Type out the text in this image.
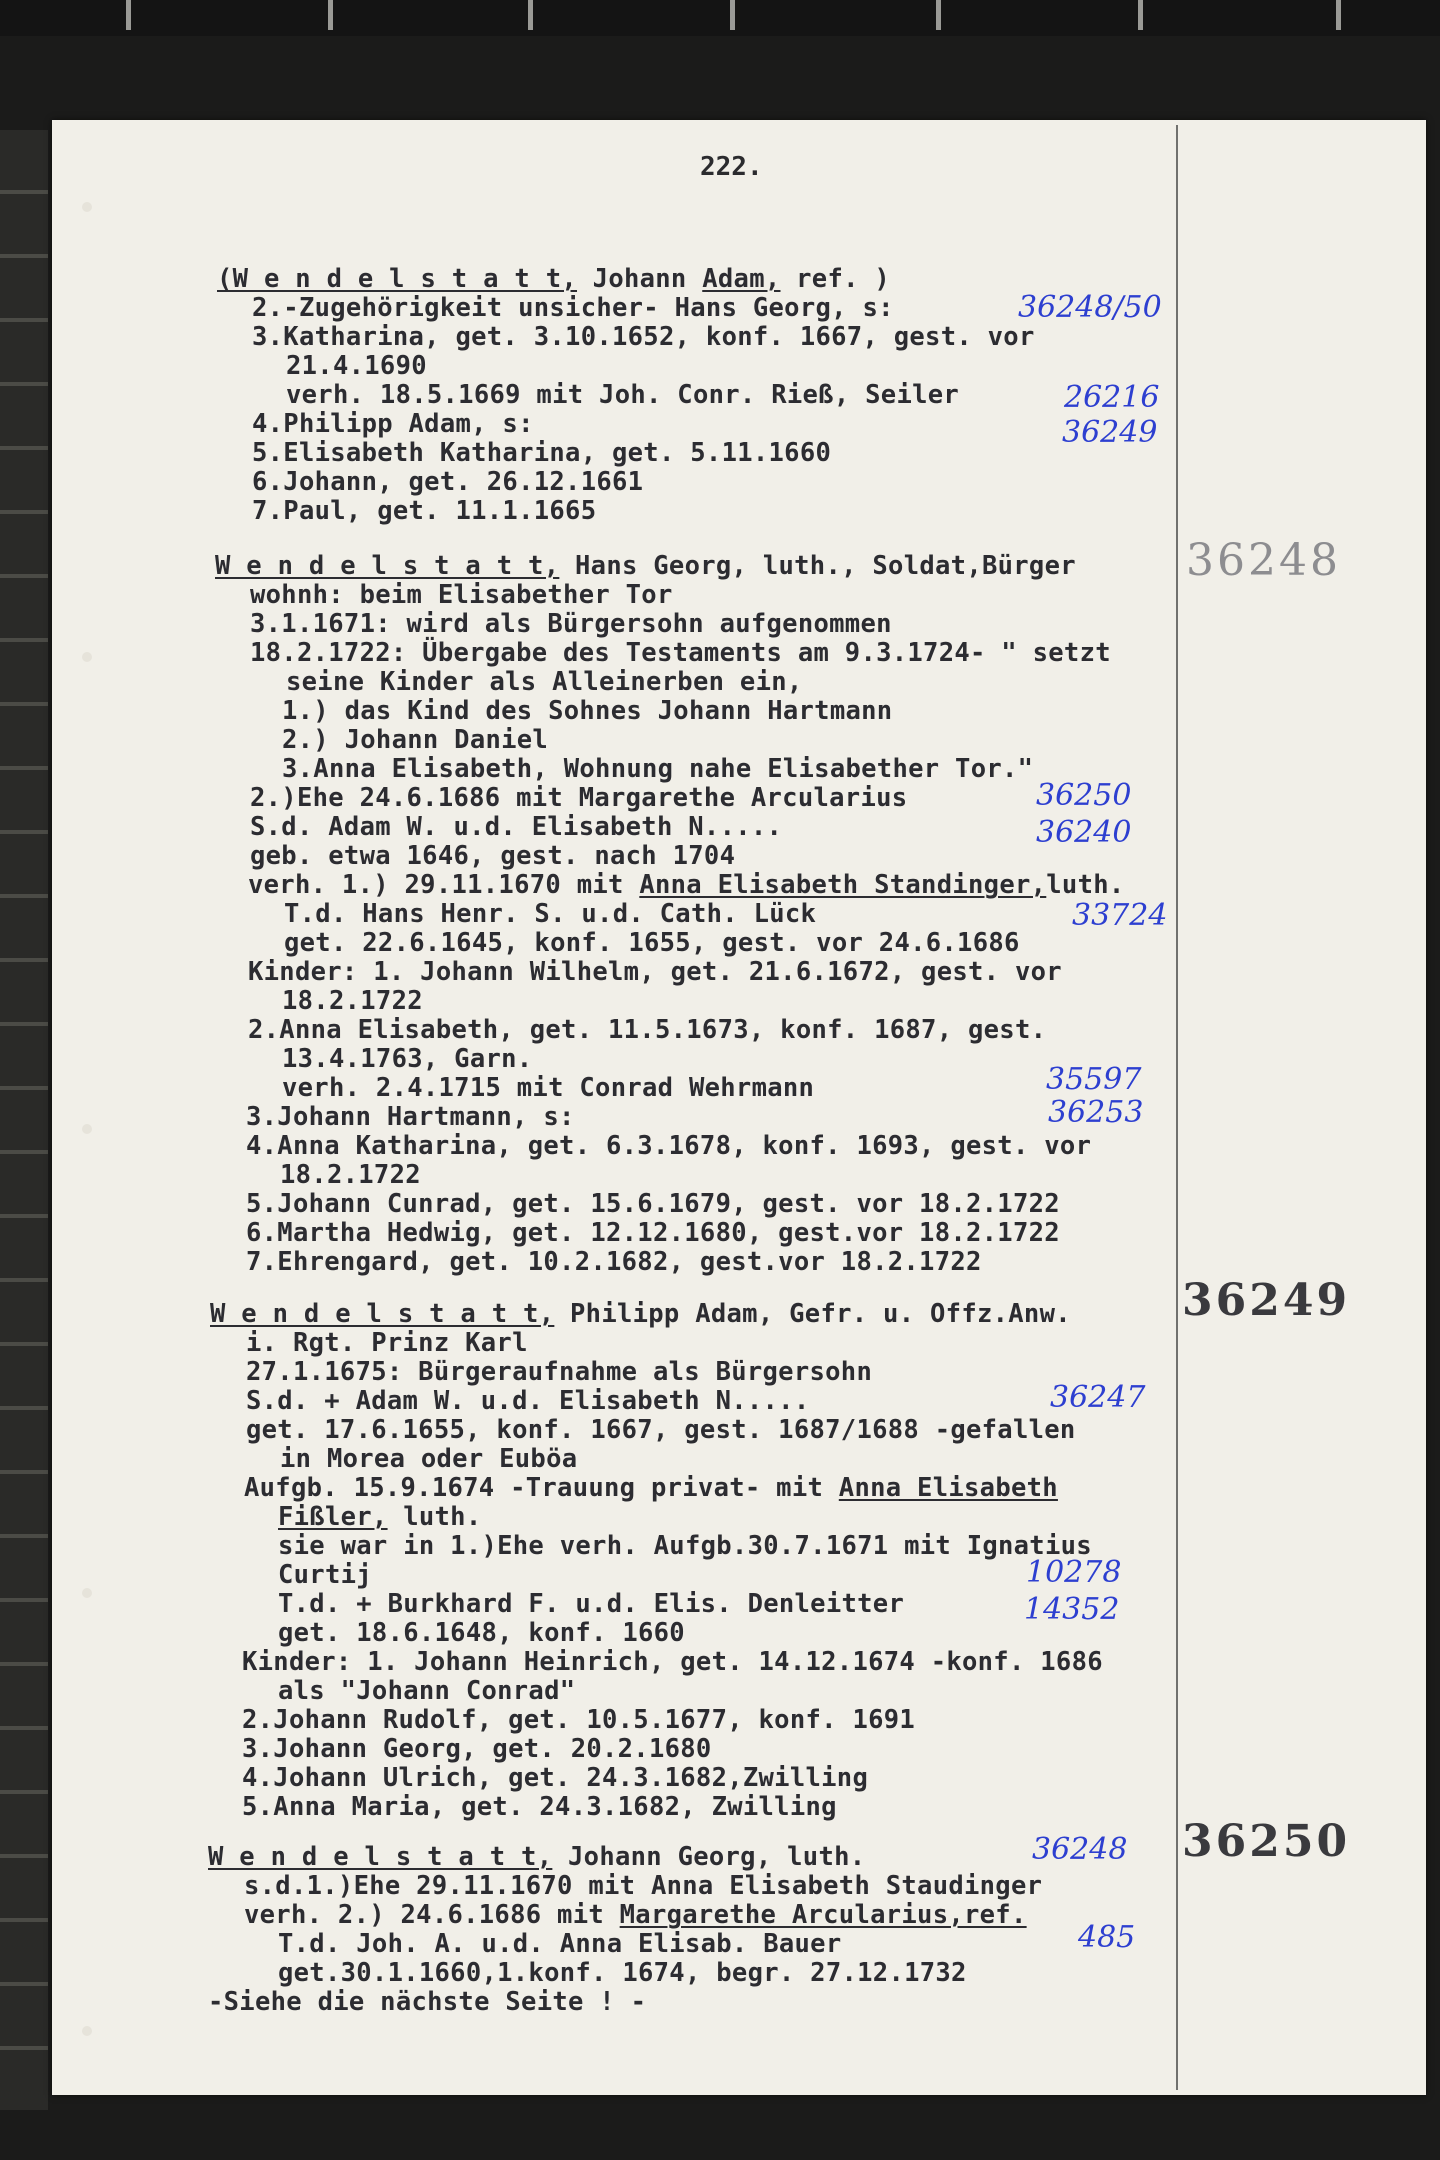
222.
(W e n d e l s t a t t, Johann Adam, ref. )
2.-Zugehörigkeit unsicher- Hans Georg, s:
3.Katharina, get. 3.10.1652, konf. 1667, gest. vor
21.4.1690
verh. 18.5.1669 mit Joh. Conr. Rieß, Seiler
4.Philipp Adam, s:
5.Elisabeth Katharina, get. 5.11.1660
6.Johann, get. 26.12.1661
7.Paul, get. 11.1.1665
W e n d e l s t a t t, Hans Georg, luth., Soldat,Bürger
wohnh: beim Elisabether Tor
3.1.1671: wird als Bürgersohn aufgenommen
18.2.1722: Übergabe des Testaments am 9.3.1724- " setzt
seine Kinder als Alleinerben ein,
1.) das Kind des Sohnes Johann Hartmann
2.) Johann Daniel
3.Anna Elisabeth, Wohnung nahe Elisabether Tor."
2.)Ehe 24.6.1686 mit Margarethe Arcularius
S.d. Adam W. u.d. Elisabeth N.....
geb. etwa 1646, gest. nach 1704
verh. 1.) 29.11.1670 mit Anna Elisabeth Standinger,luth.
T.d. Hans Henr. S. u.d. Cath. Lück
get. 22.6.1645, konf. 1655, gest. vor 24.6.1686
Kinder: 1. Johann Wilhelm, get. 21.6.1672, gest. vor
18.2.1722
2.Anna Elisabeth, get. 11.5.1673, konf. 1687, gest.
13.4.1763, Garn.
verh. 2.4.1715 mit Conrad Wehrmann
3.Johann Hartmann, s:
4.Anna Katharina, get. 6.3.1678, konf. 1693, gest. vor
18.2.1722
5.Johann Cunrad, get. 15.6.1679, gest. vor 18.2.1722
6.Martha Hedwig, get. 12.12.1680, gest.vor 18.2.1722
7.Ehrengard, get. 10.2.1682, gest.vor 18.2.1722
W e n d e l s t a t t, Philipp Adam, Gefr. u. Offz.Anw.
i. Rgt. Prinz Karl
27.1.1675: Bürgeraufnahme als Bürgersohn
S.d. + Adam W. u.d. Elisabeth N.....
get. 17.6.1655, konf. 1667, gest. 1687/1688 -gefallen
in Morea oder Euböa
Aufgb. 15.9.1674 -Trauung privat- mit Anna Elisabeth
Fißler, luth.
sie war in 1.)Ehe verh. Aufgb.30.7.1671 mit Ignatius
Curtij
T.d. + Burkhard F. u.d. Elis. Denleitter
get. 18.6.1648, konf. 1660
Kinder: 1. Johann Heinrich, get. 14.12.1674 -konf. 1686
als "Johann Conrad"
2.Johann Rudolf, get. 10.5.1677, konf. 1691
3.Johann Georg, get. 20.2.1680
4.Johann Ulrich, get. 24.3.1682,Zwilling
5.Anna Maria, get. 24.3.1682, Zwilling
W e n d e l s t a t t, Johann Georg, luth.
s.d.1.)Ehe 29.11.1670 mit Anna Elisabeth Staudinger
verh. 2.) 24.6.1686 mit Margarethe Arcularius,ref.
T.d. Joh. A. u.d. Anna Elisab. Bauer
get.30.1.1660,1.konf. 1674, begr. 27.12.1732
-Siehe die nächste Seite ! -
36248/50
26216
36249
36250
36240
33724
35597
36253
36247
10278
14352
36248
485
36248
36249
36250
